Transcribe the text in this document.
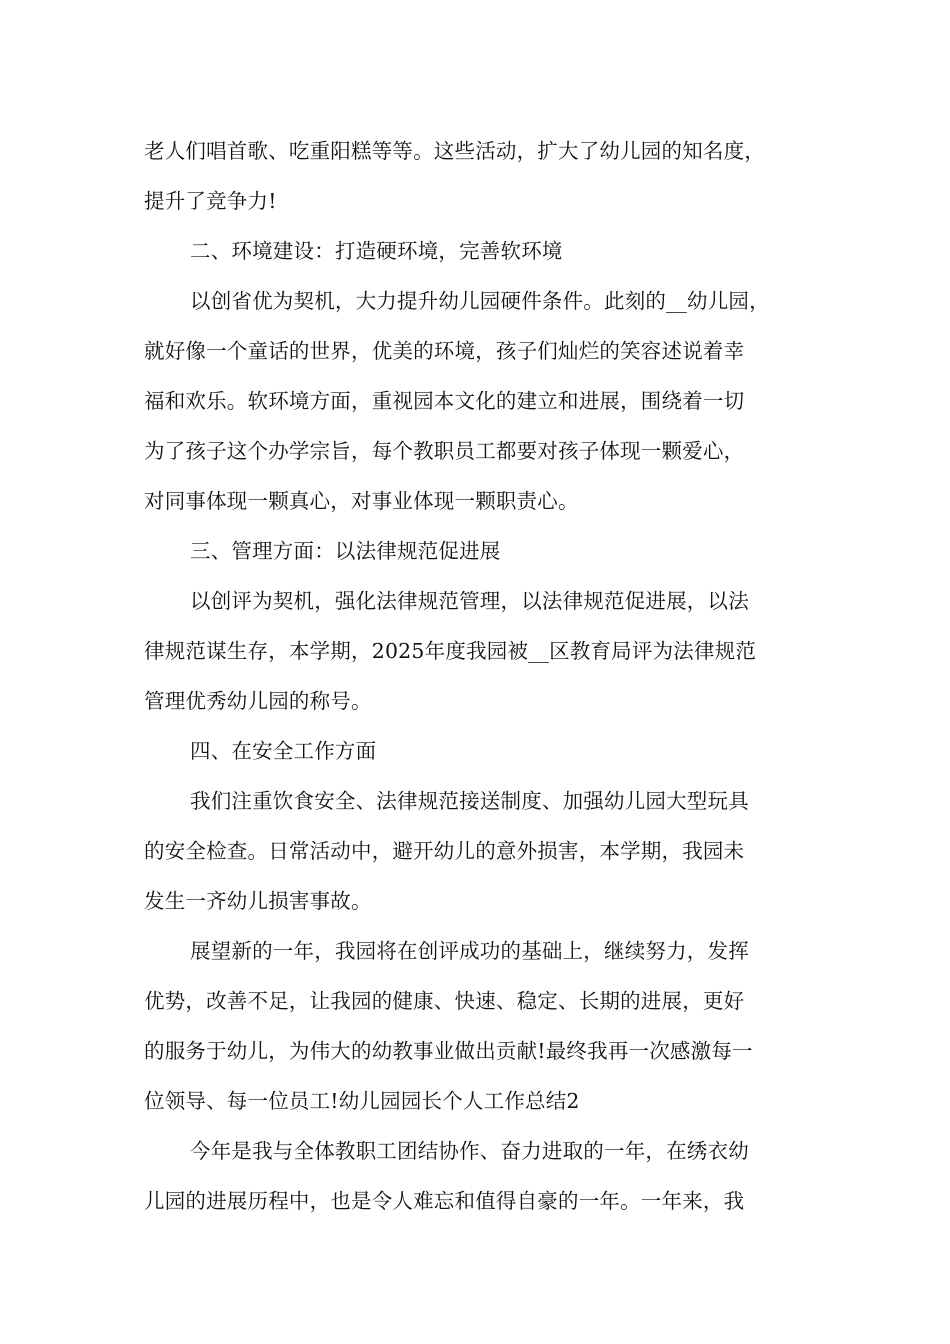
老人们唱首歌、吃重阳糕等等。这些活动，扩大了幼儿园的知名度，
提升了竞争力!
二、环境建设：打造硬环境，完善软环境
以创省优为契机，大力提升幼儿园硬件条件。此刻的__幼儿园，
就好像一个童话的世界，优美的环境，孩子们灿烂的笑容述说着幸
福和欢乐。软环境方面，重视园本文化的建立和进展，围绕着一切
为了孩子这个办学宗旨，每个教职员工都要对孩子体现一颗爱心，
对同事体现一颗真心，对事业体现一颗职责心。
三、管理方面：以法律规范促进展
以创评为契机，强化法律规范管理，以法律规范促进展，以法
律规范谋生存，本学期，2025年度我园被__区教育局评为法律规范
管理优秀幼儿园的称号。
四、在安全工作方面
我们注重饮食安全、法律规范接送制度、加强幼儿园大型玩具
的安全检查。日常活动中，避开幼儿的意外损害，本学期，我园未
发生一齐幼儿损害事故。
展望新的一年，我园将在创评成功的基础上，继续努力，发挥
优势，改善不足，让我园的健康、快速、稳定、长期的进展，更好
的服务于幼儿，为伟大的幼教事业做出贡献!最终我再一次感激每一
位领导、每一位员工!幼儿园园长个人工作总结2
今年是我与全体教职工团结协作、奋力进取的一年，在绣衣幼
儿园的进展历程中，也是令人难忘和值得自豪的一年。一年来，我
